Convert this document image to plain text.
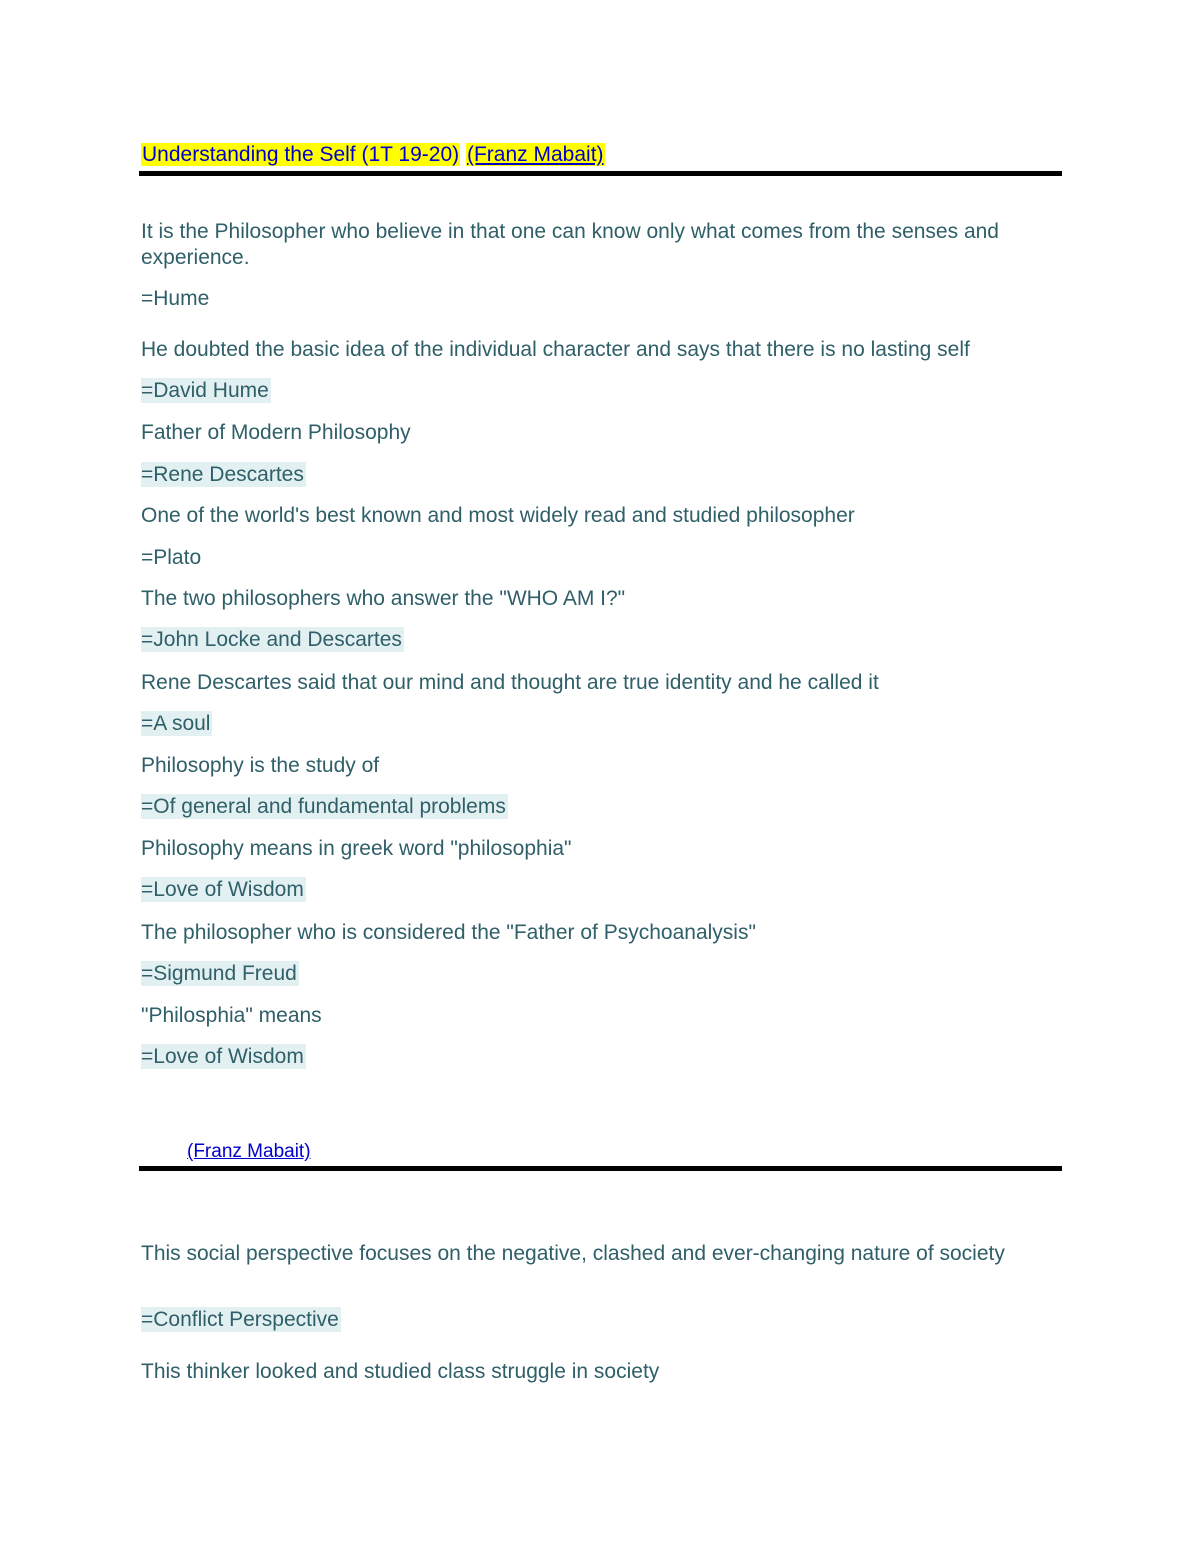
Understanding the Self (1T 19-20) (Franz Mabait)
It is the Philosopher who believe in that one can know only what comes from the senses and experience.
=Hume
He doubted the basic idea of the individual character and says that there is no lasting self
=David Hume
Father of Modern Philosophy
=Rene Descartes
One of the world's best known and most widely read and studied philosopher
=Plato
The two philosophers who answer the "WHO AM I?"
=John Locke and Descartes
Rene Descartes said that our mind and thought are true identity and he called it
=A soul
Philosophy is the study of
=Of general and fundamental problems
Philosophy means in greek word "philosophia"
=Love of Wisdom
The philosopher who is considered the "Father of Psychoanalysis"
=Sigmund Freud
"Philosphia" means
=Love of Wisdom
(Franz Mabait)
This social perspective focuses on the negative, clashed and ever-changing nature of society
=Conflict Perspective
This thinker looked and studied class struggle in society
